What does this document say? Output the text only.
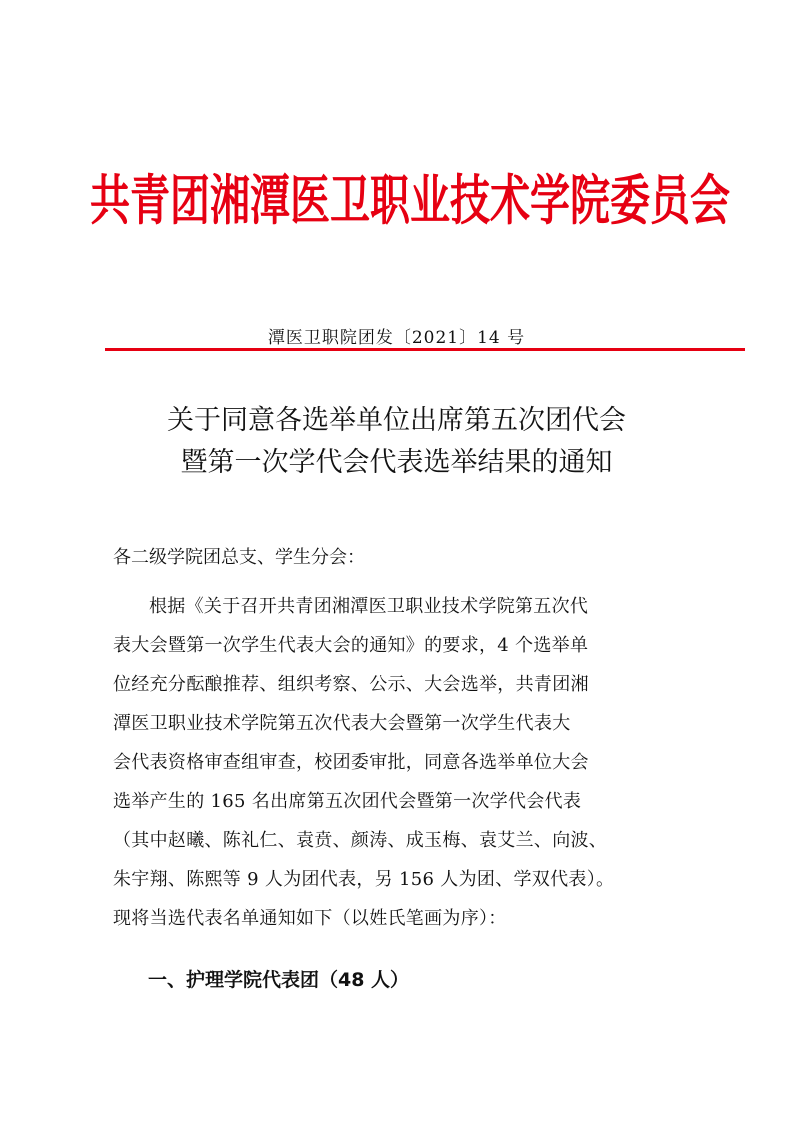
共青团湘潭医卫职业技术学院委员会
潭医卫职院团发〔2021〕14 号
关于同意各选举单位出席第五次团代会
暨第一次学代会代表选举结果的通知
各二级学院团总支、学生分会：
根据《关于召开共青团湘潭医卫职业技术学院第五次代
表大会暨第一次学生代表大会的通知》的要求，4 个选举单
位经充分酝酿推荐、组织考察、公示、大会选举，共青团湘
潭医卫职业技术学院第五次代表大会暨第一次学生代表大
会代表资格审查组审查，校团委审批，同意各选举单位大会
选举产生的 165 名出席第五次团代会暨第一次学代会代表
（其中赵曦、陈礼仁、袁贲、颜涛、成玉梅、袁艾兰、向波、
朱宇翔、陈熙等 9 人为团代表，另 156 人为团、学双代表）。
现将当选代表名单通知如下（以姓氏笔画为序）：
一、护理学院代表团（48 人）
